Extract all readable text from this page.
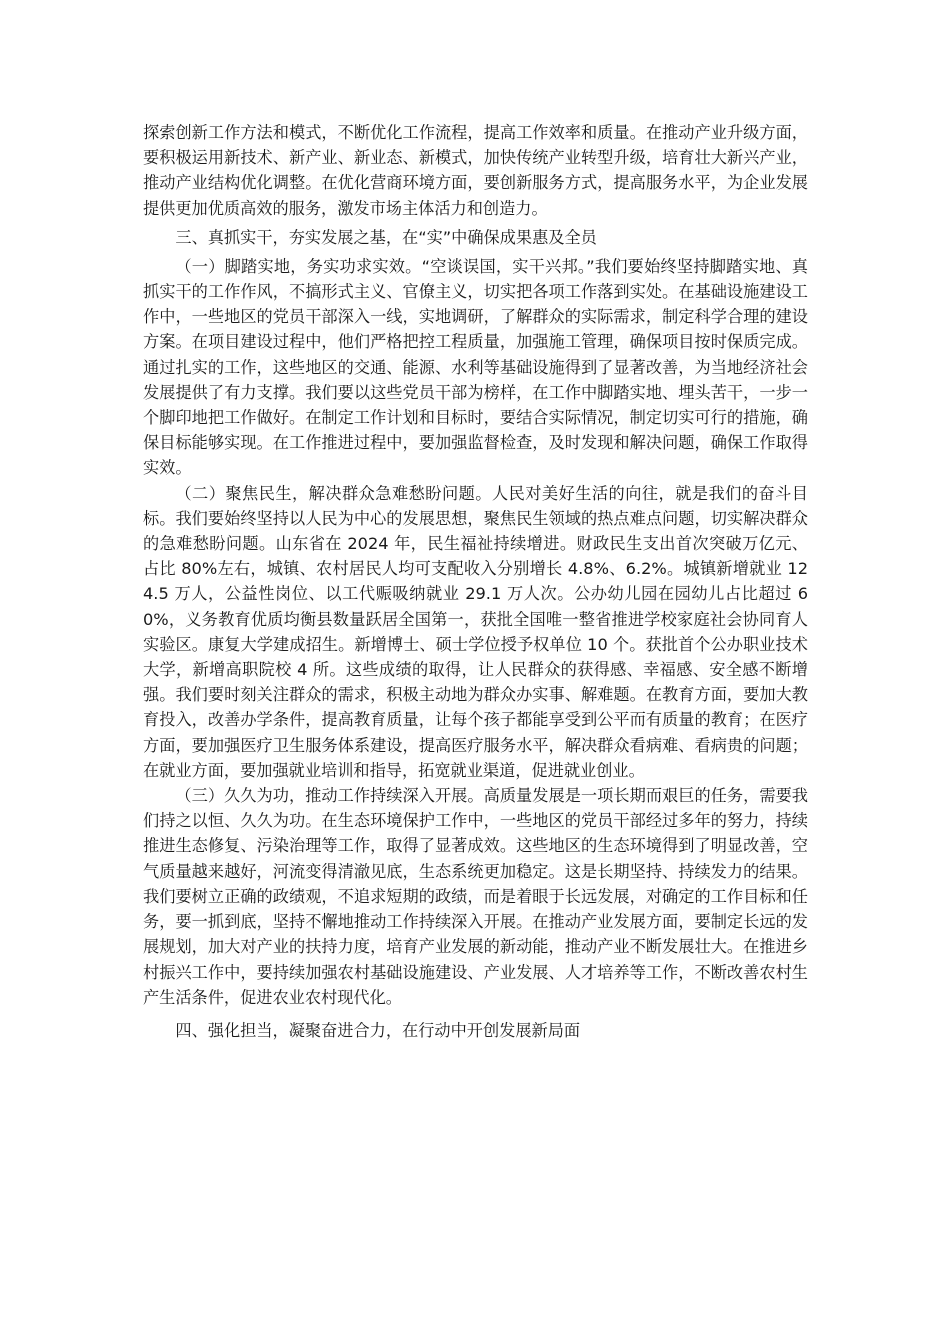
探索创新工作方法和模式，不断优化工作流程，提高工作效率和质量。在推动产业升级方面，要积极运用新技术、新产业、新业态、新模式，加快传统产业转型升级，培育壮大新兴产业，推动产业结构优化调整。在优化营商环境方面，要创新服务方式，提高服务水平，为企业发展提供更加优质高效的服务，激发市场主体活力和创造力。

三、真抓实干，夯实发展之基，在“实”中确保成果惠及全员

（一）脚踏实地，务实功求实效。“空谈误国，实干兴邦。”我们要始终坚持脚踏实地、真抓实干的工作作风，不搞形式主义、官僚主义，切实把各项工作落到实处。在基础设施建设工作中，一些地区的党员干部深入一线，实地调研，了解群众的实际需求，制定科学合理的建设方案。在项目建设过程中，他们严格把控工程质量，加强施工管理，确保项目按时保质完成。通过扎实的工作，这些地区的交通、能源、水利等基础设施得到了显著改善，为当地经济社会发展提供了有力支撑。我们要以这些党员干部为榜样，在工作中脚踏实地、埋头苦干，一步一个脚印地把工作做好。在制定工作计划和目标时，要结合实际情况，制定切实可行的措施，确保目标能够实现。在工作推进过程中，要加强监督检查，及时发现和解决问题，确保工作取得实效。

（二）聚焦民生，解决群众急难愁盼问题。人民对美好生活的向往，就是我们的奋斗目标。我们要始终坚持以人民为中心的发展思想，聚焦民生领域的热点难点问题，切实解决群众的急难愁盼问题。山东省在 2024 年，民生福祉持续增进。财政民生支出首次突破万亿元、占比 80%左右，城镇、农村居民人均可支配收入分别增长 4.8%、6.2%。城镇新增就业 124.5 万人，公益性岗位、以工代赈吸纳就业 29.1 万人次。公办幼儿园在园幼儿占比超过 60%，义务教育优质均衡县数量跃居全国第一，获批全国唯一整省推进学校家庭社会协同育人实验区。康复大学建成招生。新增博士、硕士学位授予权单位 10 个。获批首个公办职业技术大学，新增高职院校 4 所。这些成绩的取得，让人民群众的获得感、幸福感、安全感不断增强。我们要时刻关注群众的需求，积极主动地为群众办实事、解难题。在教育方面，要加大教育投入，改善办学条件，提高教育质量，让每个孩子都能享受到公平而有质量的教育；在医疗方面，要加强医疗卫生服务体系建设，提高医疗服务水平，解决群众看病难、看病贵的问题；在就业方面，要加强就业培训和指导，拓宽就业渠道，促进就业创业。

（三）久久为功，推动工作持续深入开展。高质量发展是一项长期而艰巨的任务，需要我们持之以恒、久久为功。在生态环境保护工作中，一些地区的党员干部经过多年的努力，持续推进生态修复、污染治理等工作，取得了显著成效。这些地区的生态环境得到了明显改善，空气质量越来越好，河流变得清澈见底，生态系统更加稳定。这是长期坚持、持续发力的结果。我们要树立正确的政绩观，不追求短期的政绩，而是着眼于长远发展，对确定的工作目标和任务，要一抓到底，坚持不懈地推动工作持续深入开展。在推动产业发展方面，要制定长远的发展规划，加大对产业的扶持力度，培育产业发展的新动能，推动产业不断发展壮大。在推进乡村振兴工作中，要持续加强农村基础设施建设、产业发展、人才培养等工作，不断改善农村生产生活条件，促进农业农村现代化。

四、强化担当，凝聚奋进合力，在行动中开创发展新局面
